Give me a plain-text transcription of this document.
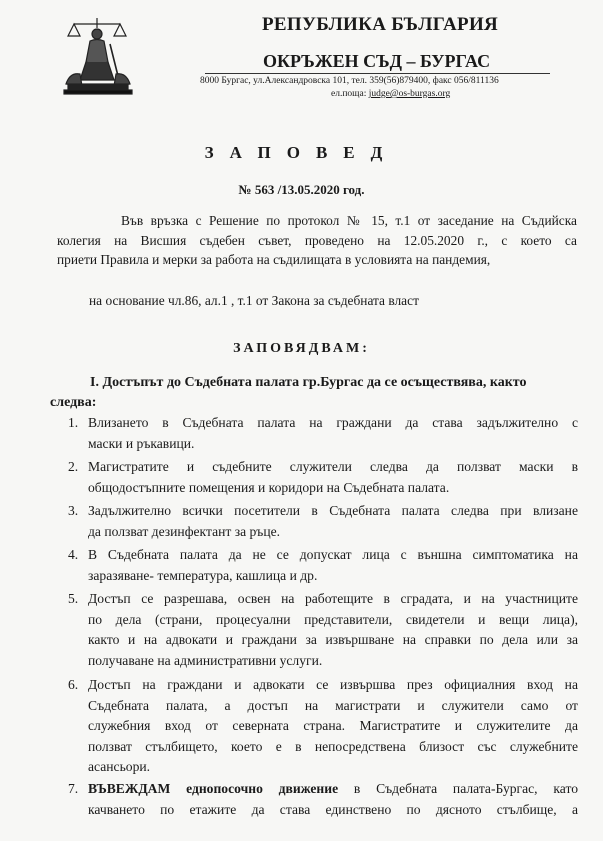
РЕПУБЛИКА БЪЛГАРИЯ
ОКРЪЖЕН СЪД – БУРГАС
8000 Бургас, ул.Александровска 101, тел. 359(56)879400, факс 056/811136
ел.поща: judge@os-burgas.org
ЗАПОВЕД
№ 563 /13.05.2020 год.
Във връзка с Решение по протокол № 15, т.1 от заседание на Съдийска
колегия на Висшия съдебен съвет, проведено на 12.05.2020 г., с което са
приети Правила и мерки за работа на съдилищата в условията на пандемия,
на основание чл.86, ал.1 , т.1 от Закона за съдебната власт
ЗАПОВЯДВАМ:
I. Достъпът до Съдебната палата гр.Бургас да се осъществява, както
следва:
1. Влизането в Съдебната палата на граждани да става задължително с
маски и ръкавици.
2. Магистратите и съдебните служители следва да ползват маски в
общодостъпните помещения и коридори на Съдебната палата.
3. Задължително всички посетители в Съдебната палата следва при влизане
да ползват дезинфектант за ръце.
4. В Съдебната палата да не се допускат лица с външна симптоматика на
заразяване- температура, кашлица и др.
5. Достъп се разрешава, освен на работещите в сградата, и на участниците
по дела (страни, процесуални представители, свидетели и вещи лица),
както и на адвокати и граждани за извършване на справки по дела или за
получаване на административни услуги.
6. Достъп на граждани и адвокати се извършва през официалния вход на
Съдебната палата, а достъп на магистрати и служители само от
служебния вход от северната страна. Магистратите и служителите да
ползват стълбището, което е в непосредствена близост със служебните
асансьори.
7. ВЪВЕЖДАМ еднопосочно движение в Съдебната палата-Бургас, като
качването по етажите да става единствено по дясното стълбище, а
